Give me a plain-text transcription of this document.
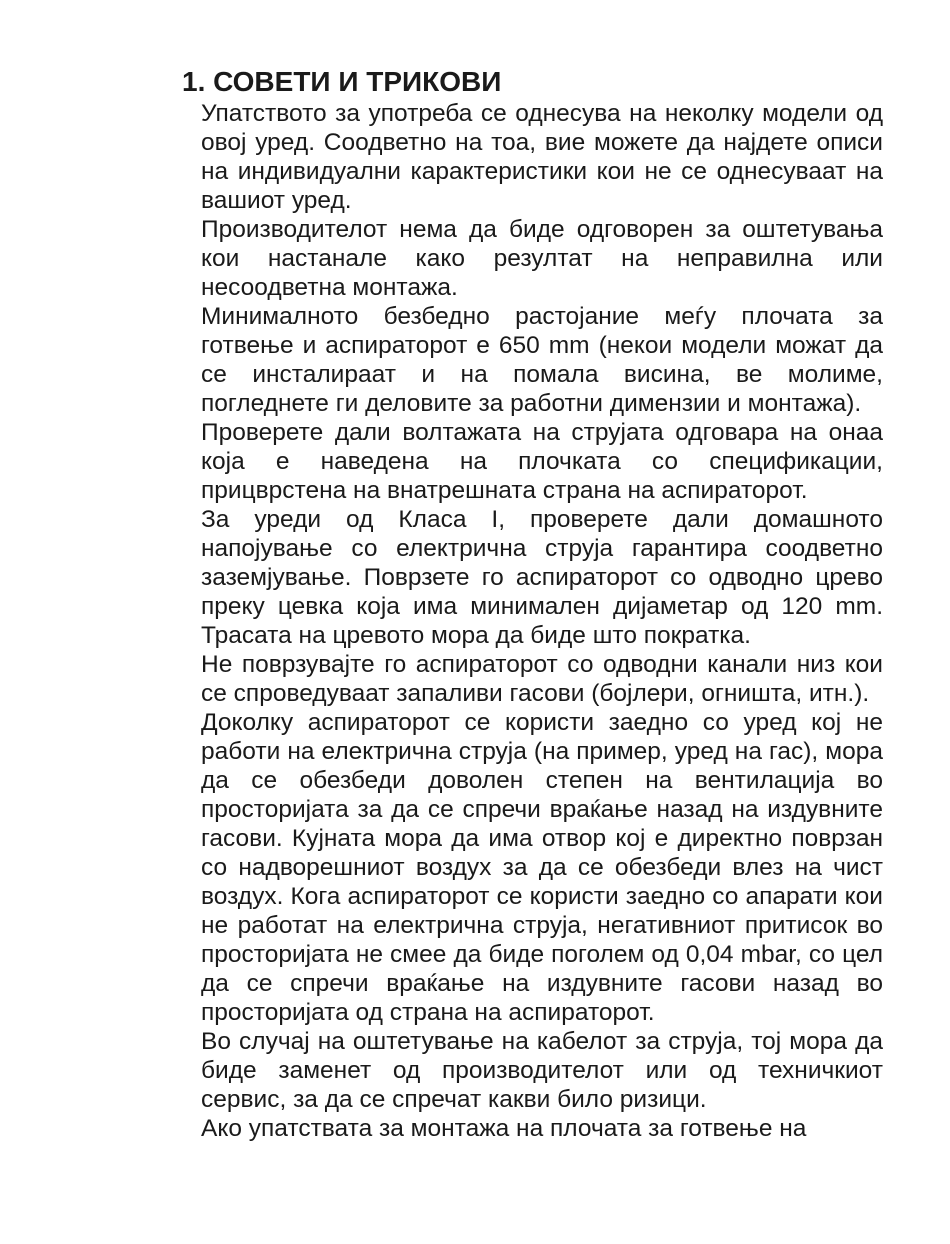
1. СОВЕТИ И ТРИКОВИ

Упатството за употреба се однесува на неколку модели од овој уред. Соодветно на тоа, вие можете да најдете описи на индивидуални карактеристики кои не се однесуваат на вашиот уред.

Производителот нема да биде одговорен за оштетувања кои настанале како резултат на неправилна или несоодветна монтажа.

Минималното безбедно растојание меѓу плочата за готвење и аспираторот е 650 mm (некои модели можат да се инсталираат и на помала висина, ве молиме, погледнете ги деловите за работни димензии и монтажа).

Проверете дали волтажата на струјата одговара на онаа која е наведена на плочката со спецификации, прицврстена на внатрешната страна на аспираторот.

За уреди од Класа I, проверете дали домашното напојување со електрична струја гарантира соодветно заземјување. Поврзете го аспираторот со одводно црево преку цевка која има минимален дијаметар од 120 mm. Трасата на цревото мора да биде што пократка.

Не поврзувајте го аспираторот со одводни канали низ кои се спроведуваат запаливи гасови (бојлери, огништа, итн.).

Доколку аспираторот се користи заедно со уред кој не работи на електрична струја (на пример, уред на гас), мора да се обезбеди доволен степен на вентилација во просторијата за да се спречи враќање назад на издувните гасови. Кујната мора да има отвор кој е директно поврзан со надворешниот воздух за да се обезбеди влез на чист воздух. Кога аспираторот се користи заедно со апарати кои не работат на електрична струја, негативниот притисок во просторијата не смее да биде поголем од 0,04 mbar, со цел да се спречи враќање на издувните гасови назад во просторијата од страна на аспираторот.

Во случај на оштетување на кабелот за струја, тој мора да биде заменет од производителот или од техничкиот сервис, за да се спречат какви било ризици.

Ако упатствата за монтажа на плочата за готвење на
